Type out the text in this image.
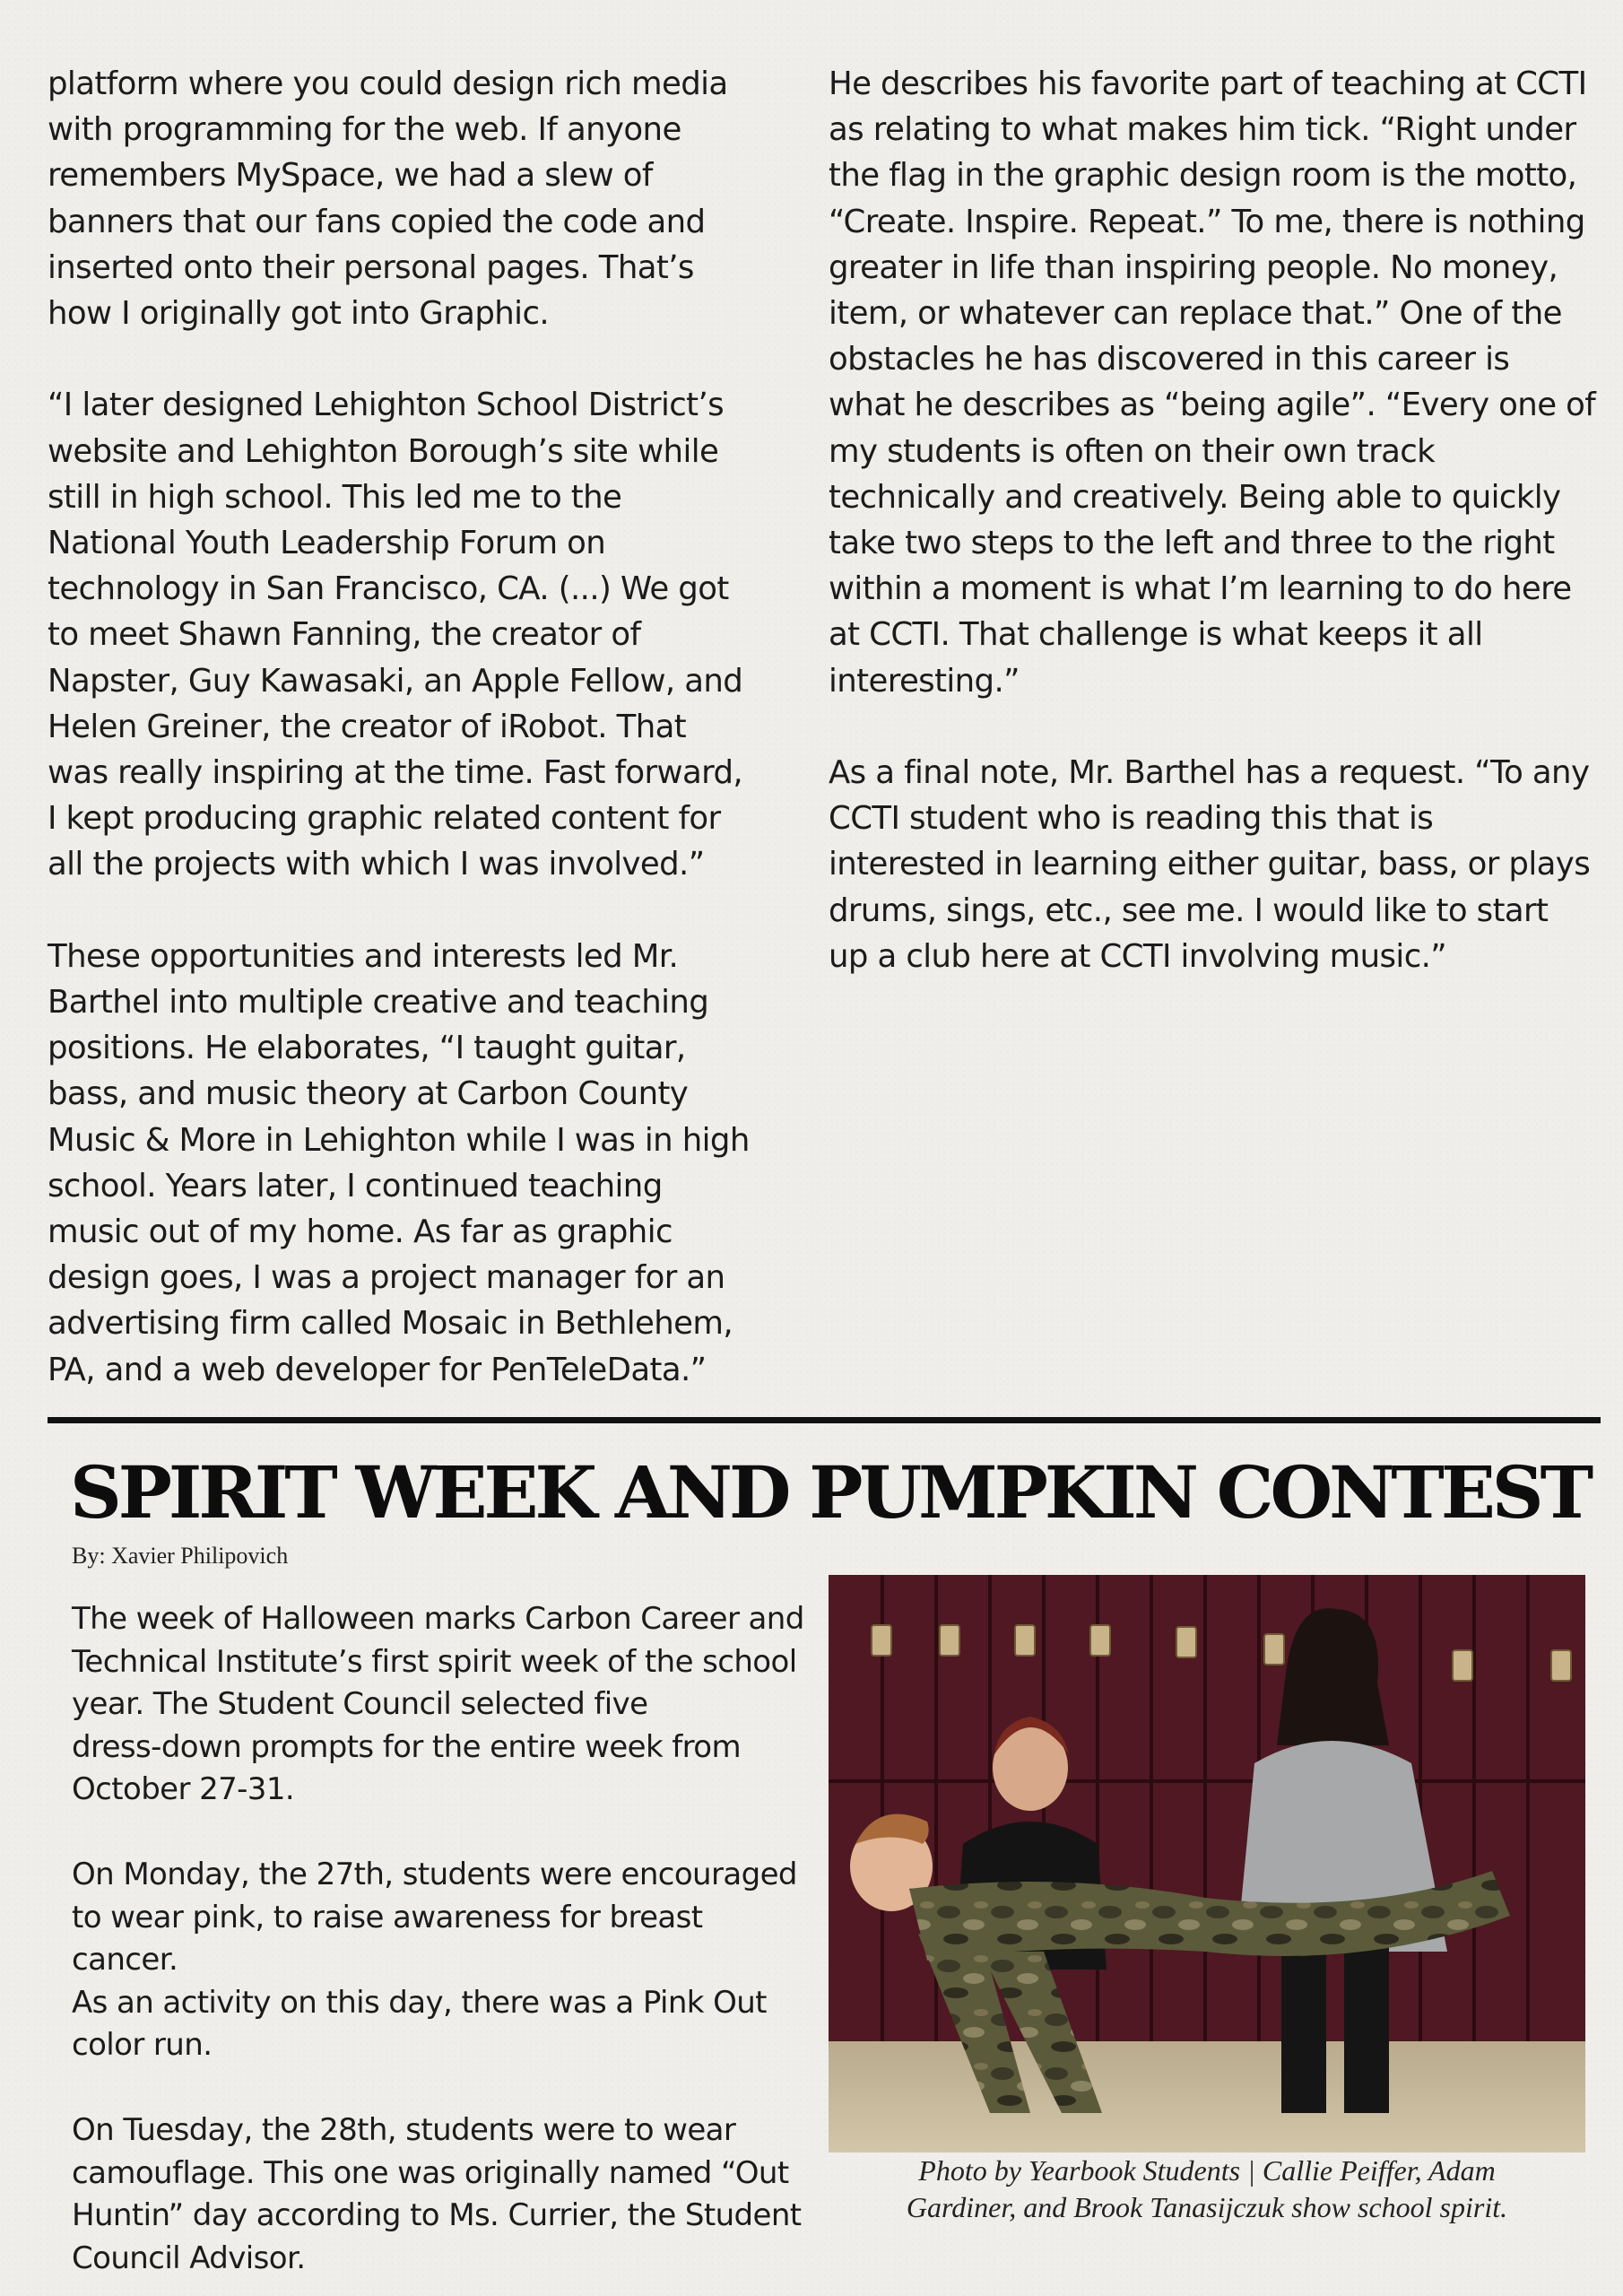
platform where you could design rich media
with programming for the web. If anyone
remembers MySpace, we had a slew of
banners that our fans copied the code and
inserted onto their personal pages. That’s
how I originally got into Graphic.

“I later designed Lehighton School District’s
website and Lehighton Borough’s site while
still in high school. This led me to the
National Youth Leadership Forum on
technology in San Francisco, CA. (...) We got
to meet Shawn Fanning, the creator of
Napster, Guy Kawasaki, an Apple Fellow, and
Helen Greiner, the creator of iRobot. That
was really inspiring at the time. Fast forward,
I kept producing graphic related content for
all the projects with which I was involved.”

These opportunities and interests led Mr.
Barthel into multiple creative and teaching
positions. He elaborates, “I taught guitar,
bass, and music theory at Carbon County
Music & More in Lehighton while I was in high
school. Years later, I continued teaching
music out of my home. As far as graphic
design goes, I was a project manager for an
advertising firm called Mosaic in Bethlehem,
PA, and a web developer for PenTeleData.”

He describes his favorite part of teaching at CCTI
as relating to what makes him tick. “Right under
the flag in the graphic design room is the motto,
“Create. Inspire. Repeat.” To me, there is nothing
greater in life than inspiring people. No money,
item, or whatever can replace that.” One of the
obstacles he has discovered in this career is
what he describes as “being agile”. “Every one of
my students is often on their own track
technically and creatively. Being able to quickly
take two steps to the left and three to the right
within a moment is what I’m learning to do here
at CCTI. That challenge is what keeps it all
interesting.”

As a final note, Mr. Barthel has a request. “To any
CCTI student who is reading this that is
interested in learning either guitar, bass, or plays
drums, sings, etc., see me. I would like to start
up a club here at CCTI involving music.”

SPIRIT WEEK AND PUMPKIN CONTEST
By: Xavier Philipovich

The week of Halloween marks Carbon Career and
Technical Institute’s first spirit week of the school
year. The Student Council selected five
dress-down prompts for the entire week from
October 27-31.

On Monday, the 27th, students were encouraged
to wear pink, to raise awareness for breast cancer.
As an activity on this day, there was a Pink Out
color run.

On Tuesday, the 28th, students were to wear
camouflage. This one was originally named “Out
Huntin” day according to Ms. Currier, the Student
Council Advisor.

Photo by Yearbook Students | Callie Peiffer, Adam
Gardiner, and Brook Tanasijczuk show school spirit.
